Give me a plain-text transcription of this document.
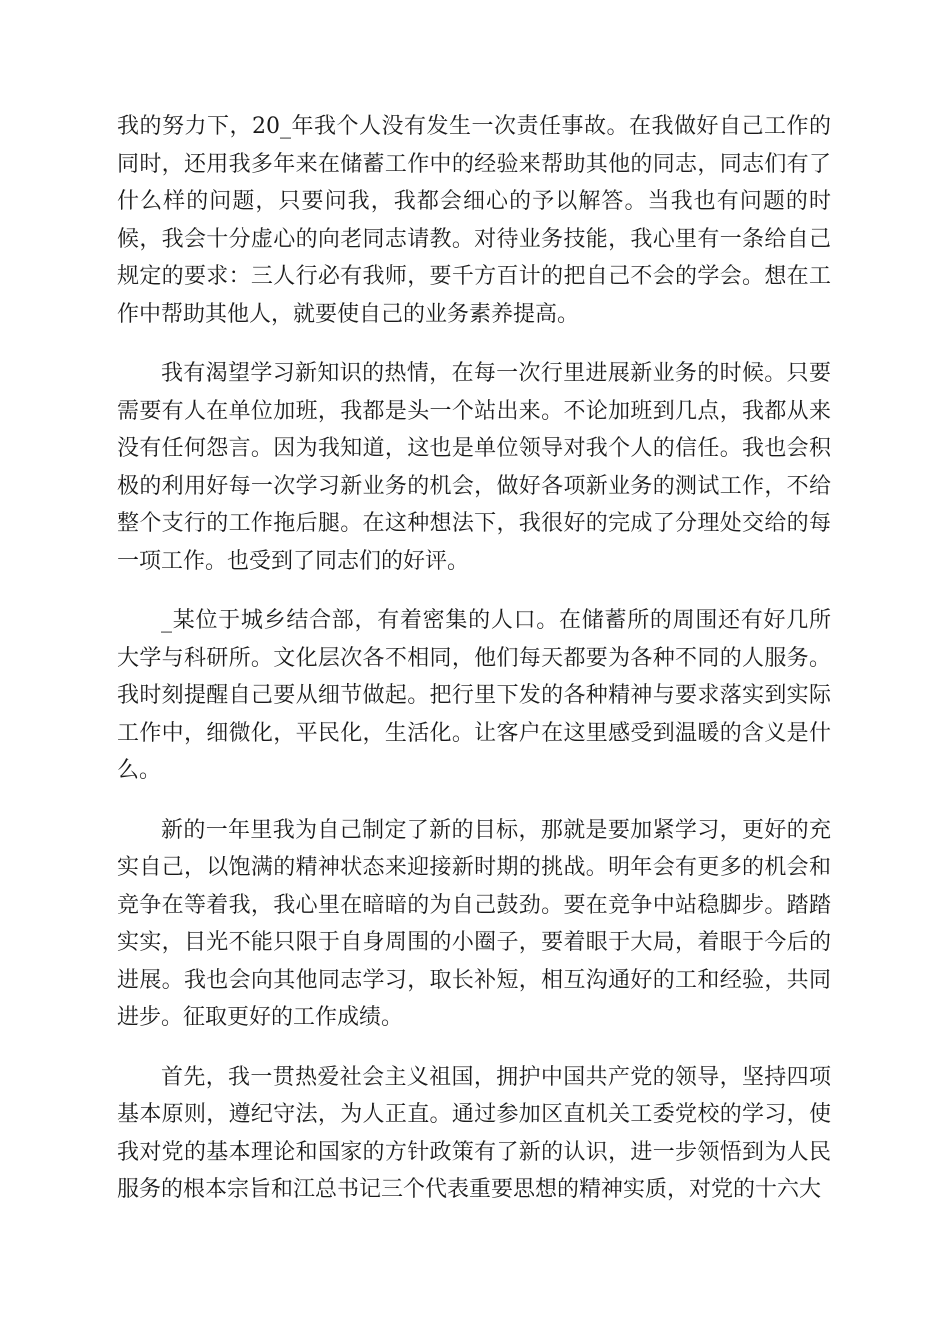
我的努力下，20_年我个人没有发生一次责任事故。在我做好自己工作的同时，还用我多年来在储蓄工作中的经验来帮助其他的同志，同志们有了什么样的问题，只要问我，我都会细心的予以解答。当我也有问题的时候，我会十分虚心的向老同志请教。对待业务技能，我心里有一条给自己规定的要求：三人行必有我师，要千方百计的把自己不会的学会。想在工作中帮助其他人，就要使自己的业务素养提高。

我有渴望学习新知识的热情，在每一次行里进展新业务的时候。只要需要有人在单位加班，我都是头一个站出来。不论加班到几点，我都从来没有任何怨言。因为我知道，这也是单位领导对我个人的信任。我也会积极的利用好每一次学习新业务的机会，做好各项新业务的测试工作，不给整个支行的工作拖后腿。在这种想法下，我很好的完成了分理处交给的每一项工作。也受到了同志们的好评。

_某位于城乡结合部，有着密集的人口。在储蓄所的周围还有好几所大学与科研所。文化层次各不相同，他们每天都要为各种不同的人服务。我时刻提醒自己要从细节做起。把行里下发的各种精神与要求落实到实际工作中，细微化，平民化，生活化。让客户在这里感受到温暖的含义是什么。

新的一年里我为自己制定了新的目标，那就是要加紧学习，更好的充实自己，以饱满的精神状态来迎接新时期的挑战。明年会有更多的机会和竞争在等着我，我心里在暗暗的为自己鼓劲。要在竞争中站稳脚步。踏踏实实，目光不能只限于自身周围的小圈子，要着眼于大局，着眼于今后的进展。我也会向其他同志学习，取长补短，相互沟通好的工和经验，共同进步。征取更好的工作成绩。

首先，我一贯热爱社会主义祖国，拥护中国共产党的领导，坚持四项基本原则，遵纪守法，为人正直。通过参加区直机关工委党校的学习，使我对党的基本理论和国家的方针政策有了新的认识，进一步领悟到为人民服务的根本宗旨和江总书记三个代表重要思想的精神实质，对党的十六大
